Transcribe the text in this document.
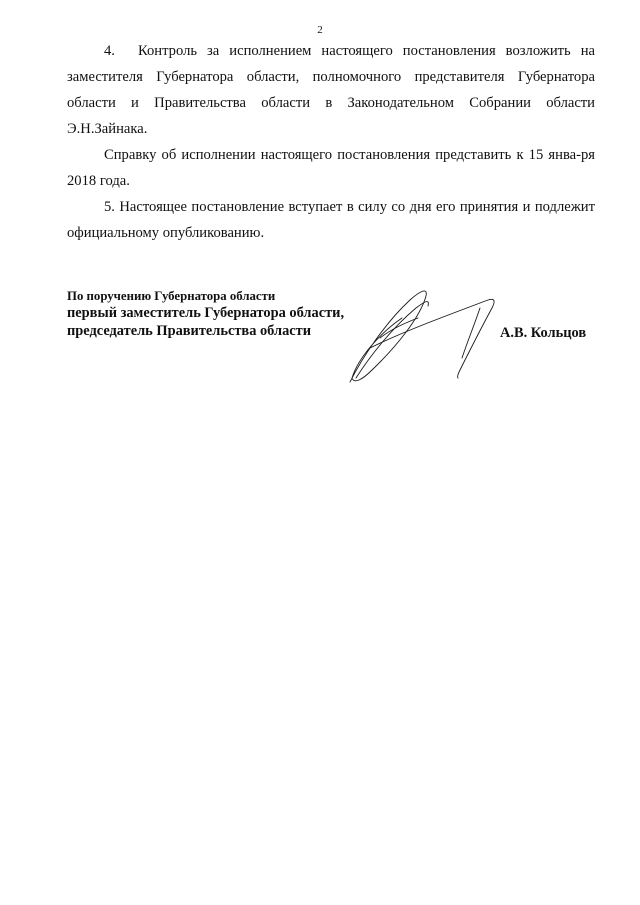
2

4. Контроль за исполнением настоящего постановления возложить на заместителя Губернатора области, полномочного представителя Губернатора области и Правительства области в Законодательном Собрании области Э.Н.Зайнака.

Справку об исполнении настоящего постановления представить к 15 янва-ря 2018 года.

5. Настоящее постановление вступает в силу со дня его принятия и подлежит официальному опубликованию.

По поручению Губернатора области
первый заместитель Губернатора области,
председатель Правительства области	А.В. Кольцов
